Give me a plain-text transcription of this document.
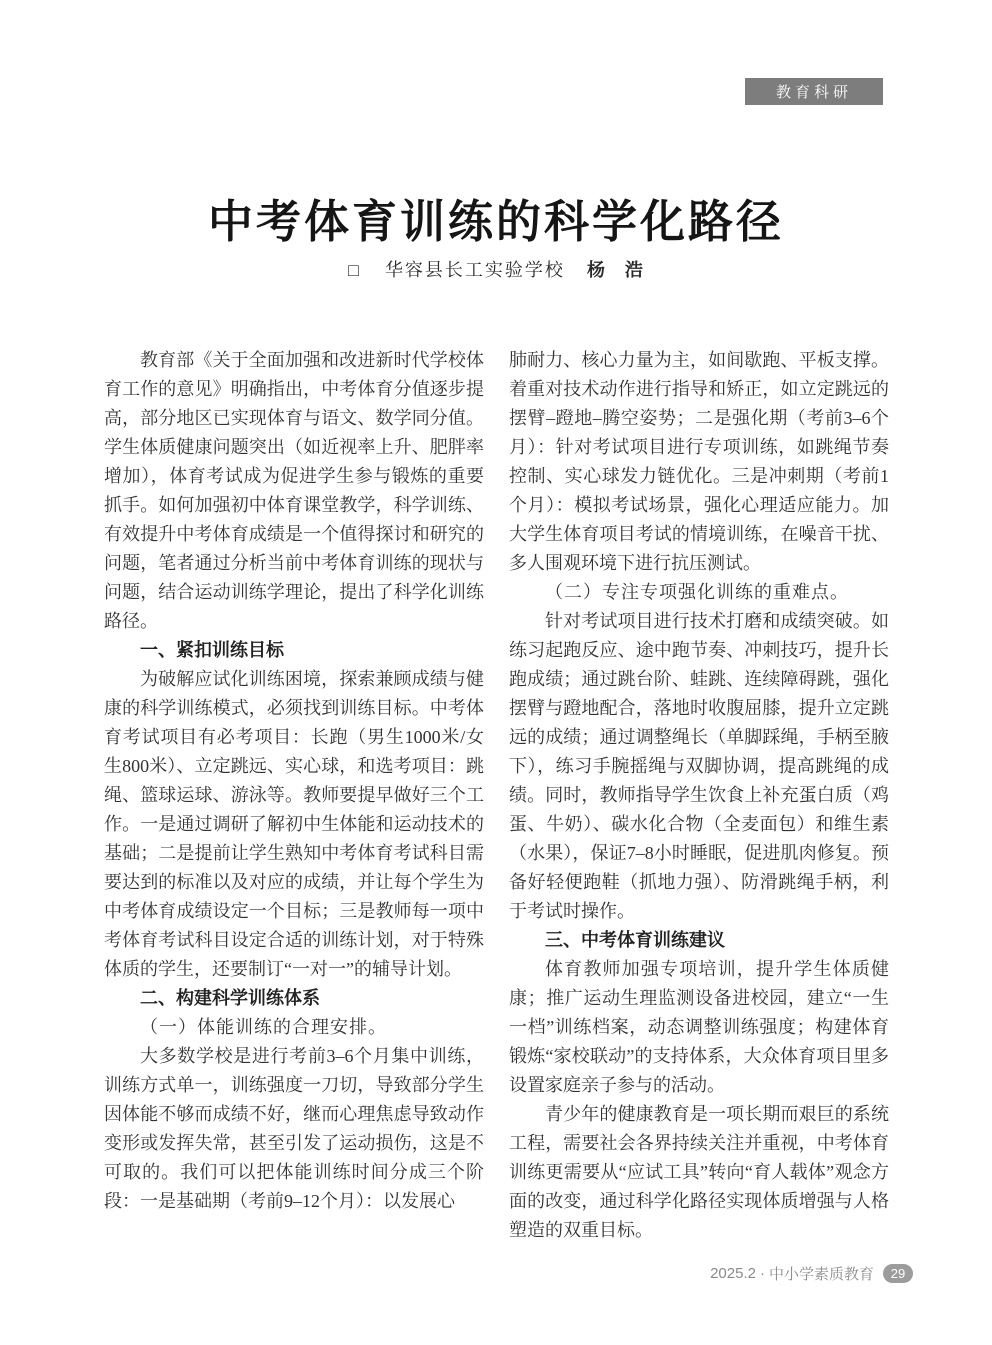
教育科研
中考体育训练的科学化路径
□ 华容县长工实验学校 杨　浩

教育部《关于全面加强和改进新时代学校体育工作的意见》明确指出，中考体育分值逐步提高，部分地区已实现体育与语文、数学同分值。学生体质健康问题突出（如近视率上升、肥胖率增加），体育考试成为促进学生参与锻炼的重要抓手。如何加强初中体育课堂教学，科学训练、有效提升中考体育成绩是一个值得探讨和研究的问题，笔者通过分析当前中考体育训练的现状与问题，结合运动训练学理论，提出了科学化训练路径。

一、紧扣训练目标

为破解应试化训练困境，探索兼顾成绩与健康的科学训练模式，必须找到训练目标。中考体育考试项目有必考项目：长跑（男生1000米/女生800米）、立定跳远、实心球，和选考项目：跳绳、篮球运球、游泳等。教师要提早做好三个工作。一是通过调研了解初中生体能和运动技术的基础；二是提前让学生熟知中考体育考试科目需要达到的标准以及对应的成绩，并让每个学生为中考体育成绩设定一个目标；三是教师每一项中考体育考试科目设定合适的训练计划，对于特殊体质的学生，还要制订“一对一”的辅导计划。

二、构建科学训练体系

（一）体能训练的合理安排。

大多数学校是进行考前3–6个月集中训练，训练方式单一，训练强度一刀切，导致部分学生因体能不够而成绩不好，继而心理焦虑导致动作变形或发挥失常，甚至引发了运动损伤，这是不可取的。我们可以把体能训练时间分成三个阶段：一是基础期（考前9–12个月）：以发展心

肺耐力、核心力量为主，如间歇跑、平板支撑。着重对技术动作进行指导和矫正，如立定跳远的摆臂–蹬地–腾空姿势；二是强化期（考前3–6个月）：针对考试项目进行专项训练，如跳绳节奏控制、实心球发力链优化。三是冲刺期（考前1个月）：模拟考试场景，强化心理适应能力。加大学生体育项目考试的情境训练，在噪音干扰、多人围观环境下进行抗压测试。

（二）专注专项强化训练的重难点。

针对考试项目进行技术打磨和成绩突破。如练习起跑反应、途中跑节奏、冲刺技巧，提升长跑成绩；通过跳台阶、蛙跳、连续障碍跳，强化摆臂与蹬地配合，落地时收腹屈膝，提升立定跳远的成绩；通过调整绳长（单脚踩绳，手柄至腋下），练习手腕摇绳与双脚协调，提高跳绳的成绩。同时，教师指导学生饮食上补充蛋白质（鸡蛋、牛奶）、碳水化合物（全麦面包）和维生素（水果），保证7–8小时睡眠，促进肌肉修复。预备好轻便跑鞋（抓地力强）、防滑跳绳手柄，利于考试时操作。

三、中考体育训练建议

体育教师加强专项培训，提升学生体质健康；推广运动生理监测设备进校园，建立“一生一档”训练档案，动态调整训练强度；构建体育锻炼“家校联动”的支持体系，大众体育项目里多设置家庭亲子参与的活动。

青少年的健康教育是一项长期而艰巨的系统工程，需要社会各界持续关注并重视，中考体育训练更需要从“应试工具”转向“育人载体”观念方面的改变，通过科学化路径实现体质增强与人格塑造的双重目标。

2025.2 · 中小学素质教育	29
